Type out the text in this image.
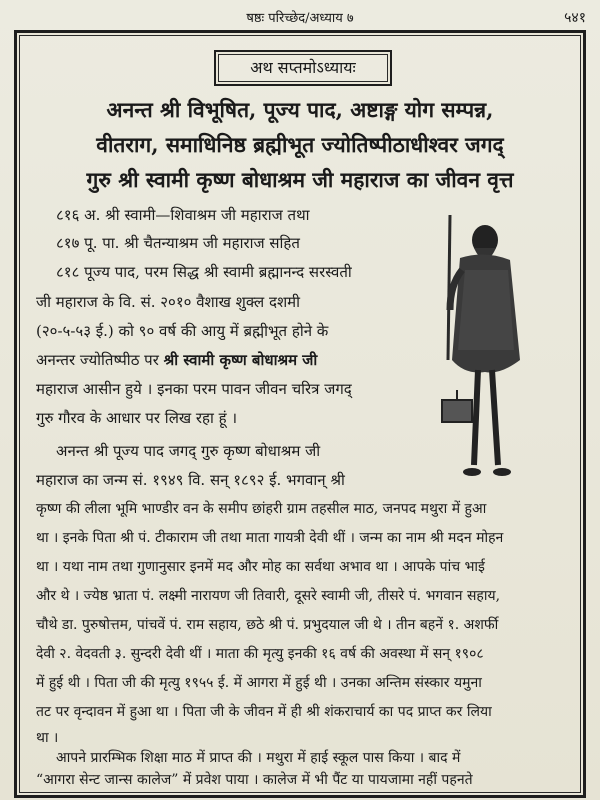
षष्ठः परिच्छेद/अध्याय ७	५४१
अथ सप्तमोऽध्यायः
अनन्त श्री विभूषित, पूज्य पाद, अष्टाङ्ग योग सम्पन्न,
वीतराग, समाधिनिष्ठ ब्रह्मीभूत ज्योतिष्पीठाधीश्वर जगद्
गुरु श्री स्वामी कृष्ण बोधाश्रम जी महाराज का जीवन वृत्त
८१६ अ. श्री स्वामी—शिवाश्रम जी महाराज तथा
८१७ पू. पा. श्री चैतन्याश्रम जी महाराज सहित
८१८ पूज्य पाद, परम सिद्ध श्री स्वामी ब्रह्मानन्द सरस्वती
जी महाराज के वि. सं. २०१० वैशाख शुक्ल दशमी
(२०-५-५३ ई.) को ९० वर्ष की आयु में ब्रह्मीभूत होने के
अनन्तर ज्योतिष्पीठ पर श्री स्वामी कृष्ण बोधाश्रम जी
महाराज आसीन हुये । इनका परम पावन जीवन चरित्र जगद्
गुरु गौरव के आधार पर लिख रहा हूं ।
अनन्त श्री पूज्य पाद जगद् गुरु कृष्ण बोधाश्रम जी
महाराज का जन्म सं. १९४९ वि. सन् १८९२ ई. भगवान् श्री
कृष्ण की लीला भूमि भाण्डीर वन के समीप छांहरी ग्राम तहसील माठ, जनपद मथुरा में हुआ
था । इनके पिता श्री पं. टीकाराम जी तथा माता गायत्री देवी थीं । जन्म का नाम श्री मदन मोहन
था । यथा नाम तथा गुणानुसार इनमें मद और मोह का सर्वथा अभाव था । आपके पांच भाई
और थे । ज्येष्ठ भ्राता पं. लक्ष्मी नारायण जी तिवारी, दूसरे स्वामी जी, तीसरे पं. भगवान सहाय,
चौथे डा. पुरुषोत्तम, पांचवें पं. राम सहाय, छठे श्री पं. प्रभुदयाल जी थे । तीन बहनें १. अशर्फी
देवी २. वेदवती ३. सुन्दरी देवी थीं । माता की मृत्यु इनकी १६ वर्ष की अवस्था में सन् १९०८
में हुई थी । पिता जी की मृत्यु १९५५ ई. में आगरा में हुई थी । उनका अन्तिम संस्कार यमुना
तट पर वृन्दावन में हुआ था । पिता जी के जीवन में ही श्री शंकराचार्य का पद प्राप्त कर लिया
था ।
आपने प्रारम्भिक शिक्षा माठ में प्राप्त की । मथुरा में हाई स्कूल पास किया । बाद में
“आगरा सेन्ट जान्स कालेज” में प्रवेश पाया । कालेज में भी पैंट या पायजामा नहीं पहनते
